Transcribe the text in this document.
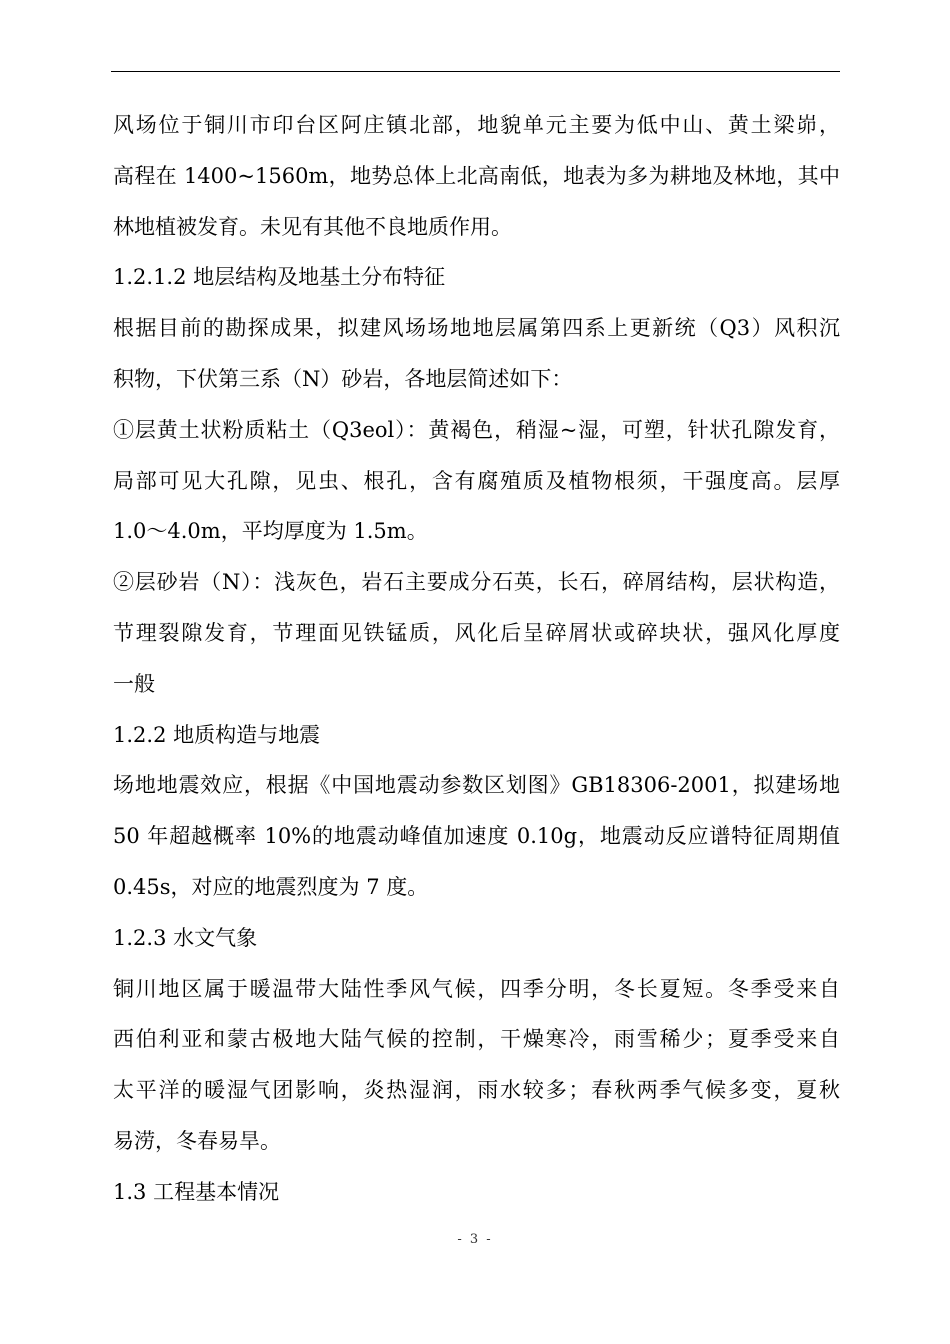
风场位于铜川市印台区阿庄镇北部，地貌单元主要为低中山、黄土梁峁，
高程在 1400~1560m，地势总体上北高南低，地表为多为耕地及林地，其中
林地植被发育。未见有其他不良地质作用。
1.2.1.2 地层结构及地基土分布特征
根据目前的勘探成果，拟建风场场地地层属第四系上更新统（Q3）风积沉
积物，下伏第三系（N）砂岩，各地层简述如下：
①层黄土状粉质粘土（Q3eol）：黄褐色，稍湿~湿，可塑，针状孔隙发育，
局部可见大孔隙，见虫、根孔，含有腐殖质及植物根须，干强度高。层厚
1.0～4.0m，平均厚度为 1.5m。
②层砂岩（N）：浅灰色，岩石主要成分石英，长石，碎屑结构，层状构造，
节理裂隙发育，节理面见铁锰质，风化后呈碎屑状或碎块状，强风化厚度
一般
1.2.2 地质构造与地震
场地地震效应，根据《中国地震动参数区划图》GB18306-2001，拟建场地
50 年超越概率 10%的地震动峰值加速度 0.10g，地震动反应谱特征周期值
0.45s，对应的地震烈度为 7 度。
1.2.3 水文气象
铜川地区属于暖温带大陆性季风气候，四季分明，冬长夏短。冬季受来自
西伯利亚和蒙古极地大陆气候的控制，干燥寒冷，雨雪稀少；夏季受来自
太平洋的暖湿气团影响，炎热湿润，雨水较多；春秋两季气候多变，夏秋
易涝，冬春易旱。
1.3 工程基本情况
- 3 -
